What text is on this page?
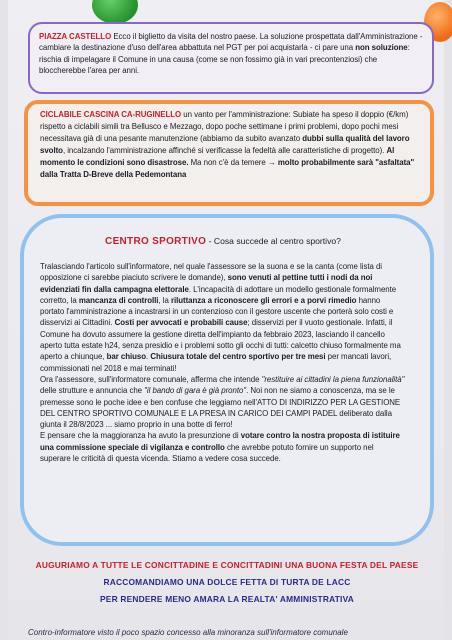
PIAZZA CASTELLO Ecco il biglietto da visita del nostro paese. La soluzione prospettata dall'Amministrazione - cambiare la destinazione d'uso dell'area abbattuta nel PGT per poi acquistarla - ci pare una non soluzione: rischia di impelagare il Comune in una causa (come se non fossimo già in vari precontenziosi) che bloccherebbe l'area per anni.

CICLABILE CASCINA CA-RUGINELLO un vanto per l'amministrazione: Subiate ha speso il doppio (€/km) rispetto a ciclabili simili tra Bellusco e Mezzago, dopo poche settimane i primi problemi, dopo pochi mesi necessitava già di una pesante manutenzione (abbiamo da subito avanzato dubbi sulla qualità del lavoro svolto, incalzando l'amministrazione affinché si verificasse la fedeltà alle caratteristiche di progetto). Al momento le condizioni sono disastrose. Ma non c'è da temere → molto probabilmente sarà "asfaltata" dalla Tratta D-Breve della Pedemontana

CENTRO SPORTIVO - Cosa succede al centro sportivo?

Tralasciando l'articolo sull'informatore, nel quale l'assessore se la suona e se la canta (come lista di opposizione ci sarebbe piaciuto scrivere le domande), sono venuti al pettine tutti i nodi da noi evidenziati fin dalla campagna elettorale. L'incapacità di adottare un modello gestionale formalmente corretto, la mancanza di controlli, la riluttanza a riconoscere gli errori e a porvi rimedio hanno portato l'amministrazione a incastrarsi in un contenzioso con il gestore uscente che porterà solo costi e disservizi ai Cittadini. Costi per avvocati e probabili cause; disservizi per il vuoto gestionale. Infatti, il Comune ha dovuto assumere la gestione diretta dell'impianto da febbraio 2023, lasciando il cancello aperto tutta estate h24, senza presidio e i problemi sotto gli occhi di tutti: calcetto chiuso formalmente ma aperto a chiunque, bar chiuso. Chiusura totale del centro sportivo per tre mesi per mancati lavori, commissionati nel 2018 e mai terminati!

Ora l'assessore, sull'informatore comunale, afferma che intende "restituire ai cittadini la piena funzionalità" delle strutture e annuncia che "il bando di gara è già pronto". Noi non ne siamo a conoscenza, ma se le premesse sono le poche idee e ben confuse che leggiamo nell'ATTO DI INDIRIZZO PER LA GESTIONE DEL CENTRO SPORTIVO COMUNALE E LA PRESA IN CARICO DEI CAMPI PADEL deliberato dalla giunta il 28/8/2023 ... siamo proprio in una botte di ferro!

E pensare che la maggioranza ha avuto la presunzione di votare contro la nostra proposta di istituire una commissione speciale di vigilanza e controllo che avrebbe potuto fornire un supporto nel superare le criticità di questa vicenda. Stiamo a vedere cosa succede.

AUGURIAMO A TUTTE LE CONCITTADINE E CONCITTADINI UNA BUONA FESTA DEL PAESE
RACCOMANDIAMO UNA DOLCE FETTA DI TURTA DE LACC
PER RENDERE MENO AMARA LA REALTA' AMMINISTRATIVA
Contro-informatore visto il poco spazio concesso alla minoranza sull'informatore comunale
